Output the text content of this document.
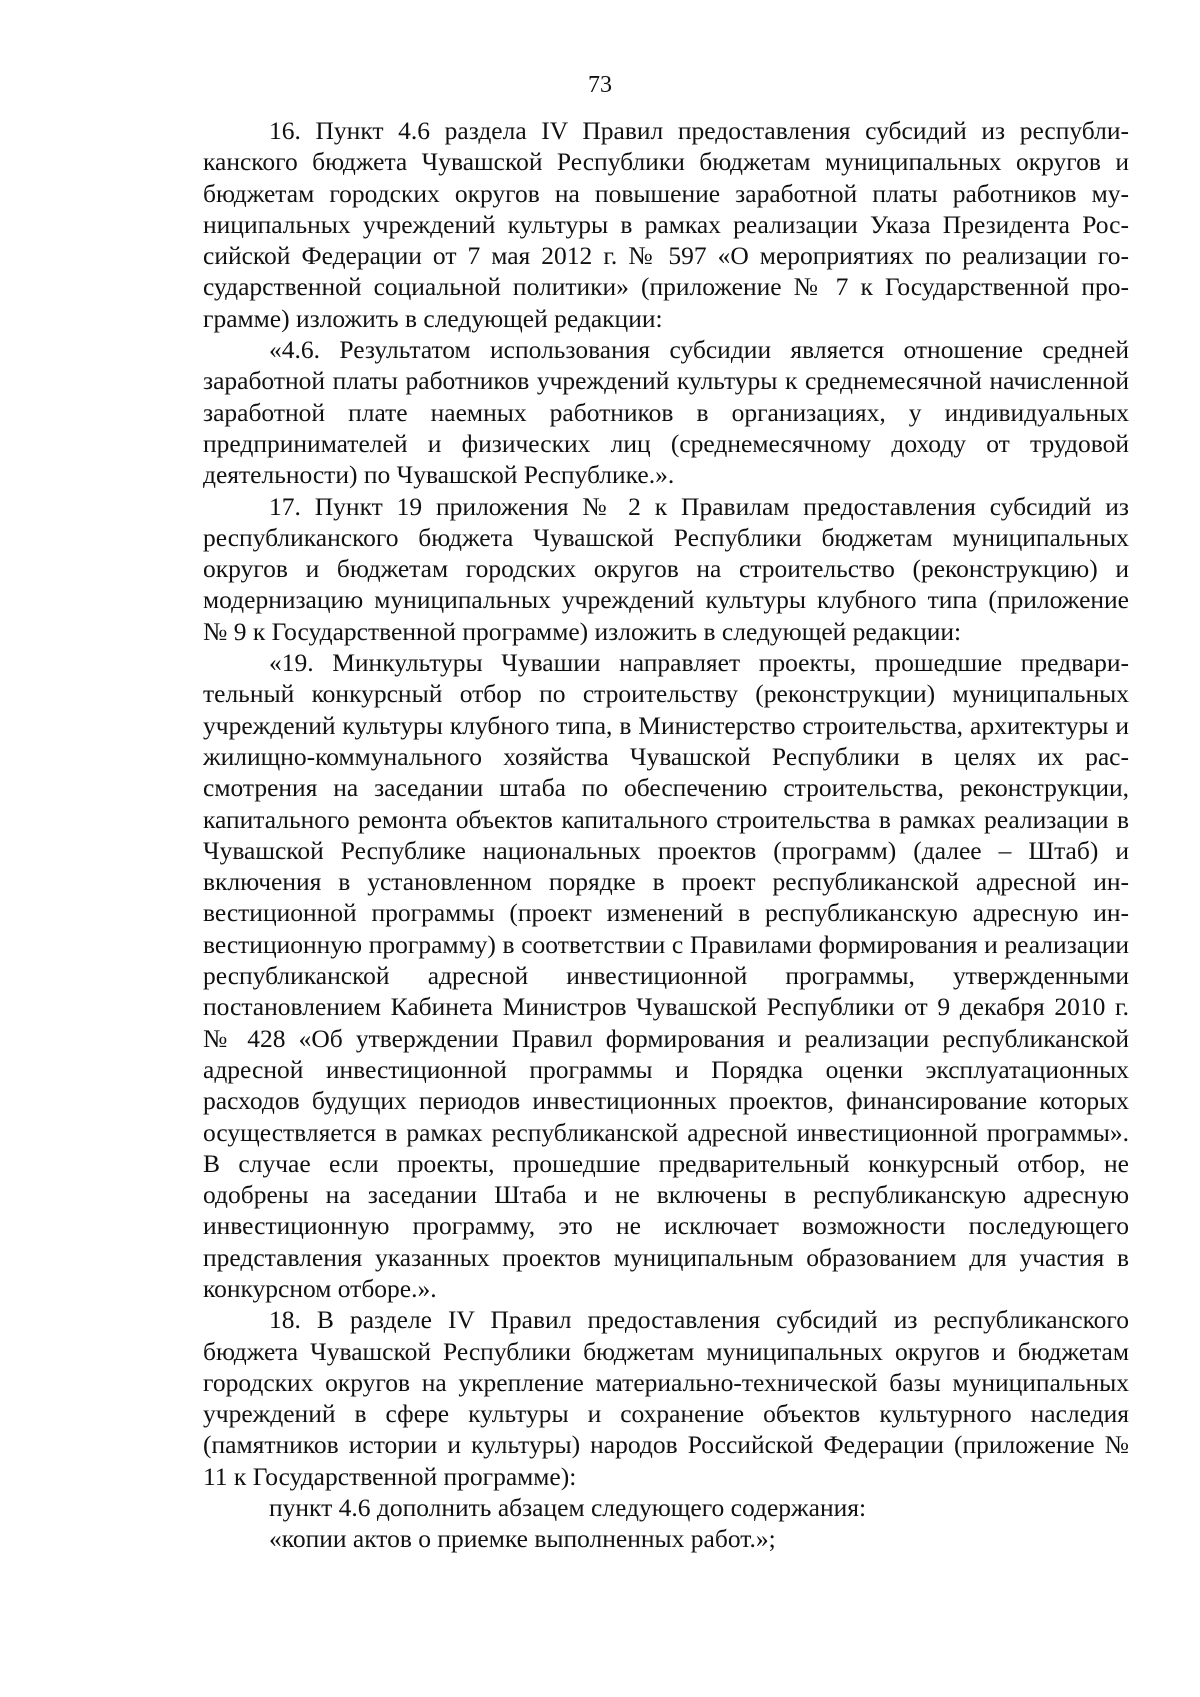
73

16. Пункт 4.6 раздела IV Правил предоставления субсидий из республиканского бюджета Чувашской Республики бюджетам муниципальных округов и бюджетам городских округов на повышение заработной платы работников муниципальных учреждений культуры в рамках реализации Указа Президента Российской Федерации от 7 мая 2012 г. № 597 «О мероприятиях по реализации государственной социальной политики» (приложение № 7 к Государственной программе) изложить в следующей редакции:

«4.6. Результатом использования субсидии является отношение средней заработной платы работников учреждений культуры к среднемесячной начисленной заработной плате наемных работников в организациях, у индивидуальных предпринимателей и физических лиц (среднемесячному доходу от трудовой деятельности) по Чувашской Республике.».

17. Пункт 19 приложения № 2 к Правилам предоставления субсидий из республиканского бюджета Чувашской Республики бюджетам муниципальных округов и бюджетам городских округов на строительство (реконструкцию) и модернизацию муниципальных учреждений культуры клубного типа (приложение № 9 к Государственной программе) изложить в следующей редакции:

«19. Минкультуры Чувашии направляет проекты, прошедшие предварительный конкурсный отбор по строительству (реконструкции) муниципальных учреждений культуры клубного типа, в Министерство строительства, архитектуры и жилищно-коммунального хозяйства Чувашской Республики в целях их рассмотрения на заседании штаба по обеспечению строительства, реконструкции, капитального ремонта объектов капитального строительства в рамках реализации в Чувашской Республике национальных проектов (программ) (далее – Штаб) и включения в установленном порядке в проект республиканской адресной инвестиционной программы (проект изменений в республиканскую адресную инвестиционную программу) в соответствии с Правилами формирования и реализации республиканской адресной инвестиционной программы, утвержденными постановлением Кабинета Министров Чувашской Республики от 9 декабря 2010 г. № 428 «Об утверждении Правил формирования и реализации республиканской адресной инвестиционной программы и Порядка оценки эксплуатационных расходов будущих периодов инвестиционных проектов, финансирование которых осуществляется в рамках республиканской адресной инвестиционной программы». В случае если проекты, прошедшие предварительный конкурсный отбор, не одобрены на заседании Штаба и не включены в республиканскую адресную инвестиционную программу, это не исключает возможности последующего представления указанных проектов муниципальным образованием для участия в конкурсном отборе.».

18. В разделе IV Правил предоставления субсидий из республиканского бюджета Чувашской Республики бюджетам муниципальных округов и бюджетам городских округов на укрепление материально-технической базы муниципальных учреждений в сфере культуры и сохранение объектов культурного наследия (памятников истории и культуры) народов Российской Федерации (приложение № 11 к Государственной программе):

пункт 4.6 дополнить абзацем следующего содержания:

«копии актов о приемке выполненных работ.»;
